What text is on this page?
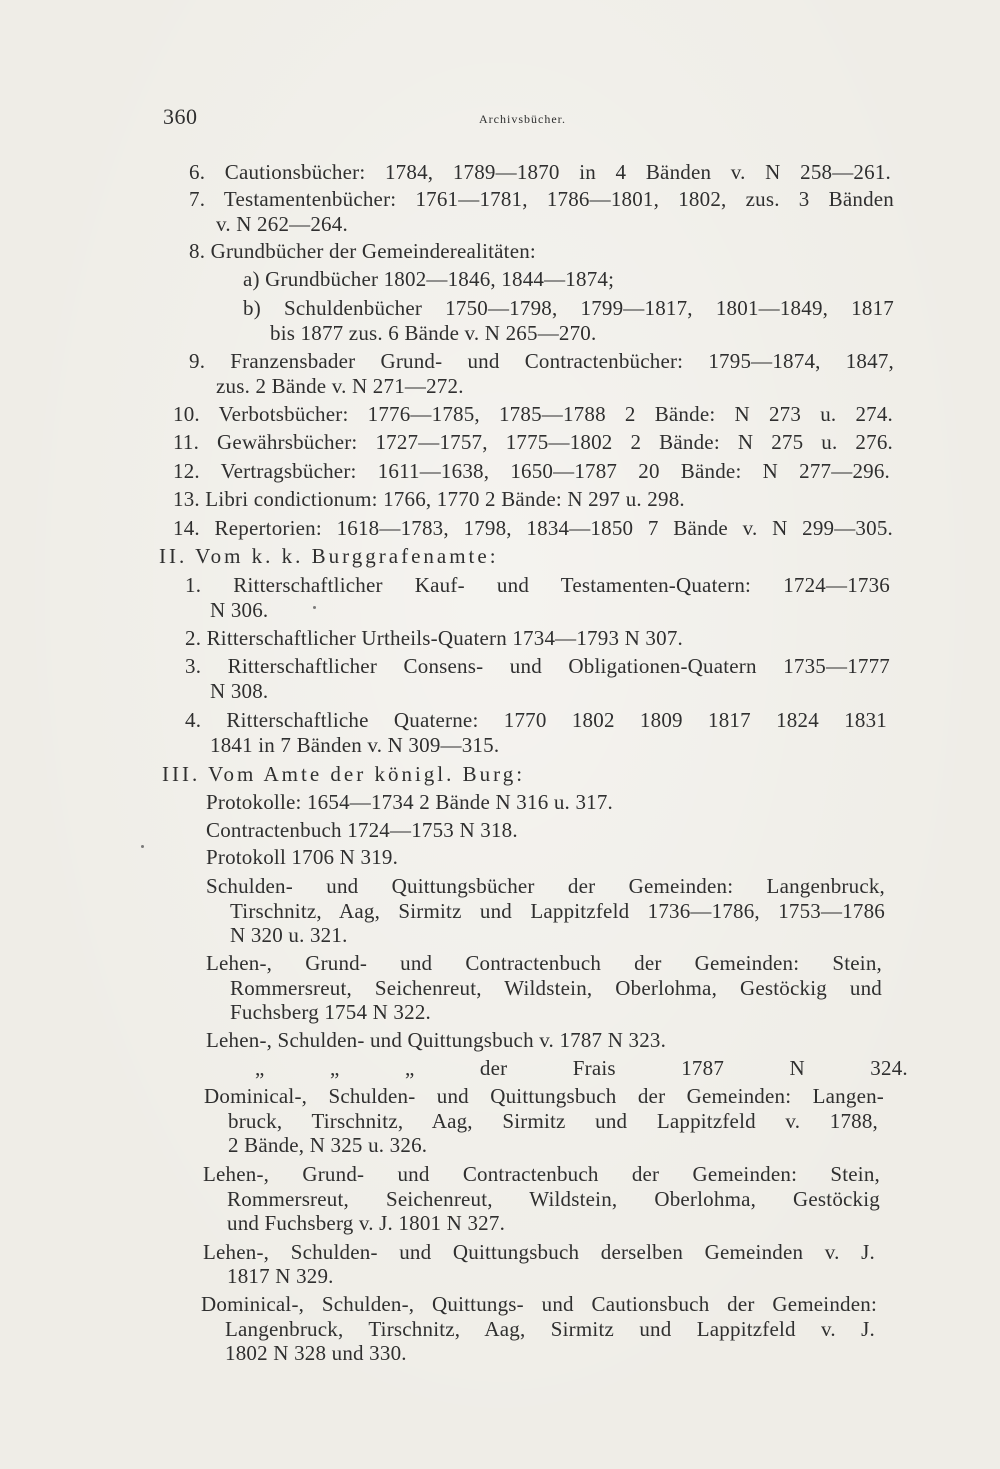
360	Archivsbücher.
6. Cautionsbücher: 1784, 1789—1870 in 4 Bänden v. N 258—261.
7. Testamentenbücher: 1761—1781, 1786—1801, 1802, zus. 3 Bänden
v. N 262—264.
8. Grundbücher der Gemeinderealitäten:
a) Grundbücher 1802—1846, 1844—1874;
b) Schuldenbücher 1750—1798, 1799—1817, 1801—1849, 1817
bis 1877 zus. 6 Bände v. N 265—270.
9. Franzensbader Grund- und Contractenbücher: 1795—1874, 1847,
zus. 2 Bände v. N 271—272.
10. Verbotsbücher: 1776—1785, 1785—1788 2 Bände: N 273 u. 274.
11. Gewährsbücher: 1727—1757, 1775—1802 2 Bände: N 275 u. 276.
12. Vertragsbücher: 1611—1638, 1650—1787 20 Bände: N 277—296.
13. Libri condictionum: 1766, 1770 2 Bände: N 297 u. 298.
14. Repertorien: 1618—1783, 1798, 1834—1850 7 Bände v. N 299—305.
II. Vom k. k. Burggrafenamte:
1. Ritterschaftlicher Kauf- und Testamenten-Quatern: 1724—1736
N 306.
2. Ritterschaftlicher Urtheils-Quatern 1734—1793 N 307.
3. Ritterschaftlicher Consens- und Obligationen-Quatern 1735—1777
N 308.
4. Ritterschaftliche Quaterne: 1770 1802 1809 1817 1824 1831
1841 in 7 Bänden v. N 309—315.
III. Vom Amte der königl. Burg:
Protokolle: 1654—1734 2 Bände N 316 u. 317.
Contractenbuch 1724—1753 N 318.
Protokoll 1706 N 319.
Schulden- und Quittungsbücher der Gemeinden: Langenbruck,
Tirschnitz, Aag, Sirmitz und Lappitzfeld 1736—1786, 1753—1786
N 320 u. 321.
Lehen-, Grund- und Contractenbuch der Gemeinden: Stein,
Rommersreut, Seichenreut, Wildstein, Oberlohma, Gestöckig und
Fuchsberg 1754 N 322.
Lehen-, Schulden- und Quittungsbuch v. 1787 N 323.
„ „ „ der Frais 1787 N 324.
Dominical-, Schulden- und Quittungsbuch der Gemeinden: Langen-
bruck, Tirschnitz, Aag, Sirmitz und Lappitzfeld v. 1788,
2 Bände, N 325 u. 326.
Lehen-, Grund- und Contractenbuch der Gemeinden: Stein,
Rommersreut, Seichenreut, Wildstein, Oberlohma, Gestöckig
und Fuchsberg v. J. 1801 N 327.
Lehen-, Schulden- und Quittungsbuch derselben Gemeinden v. J.
1817 N 329.
Dominical-, Schulden-, Quittungs- und Cautionsbuch der Gemeinden:
Langenbruck, Tirschnitz, Aag, Sirmitz und Lappitzfeld v. J.
1802 N 328 und 330.
